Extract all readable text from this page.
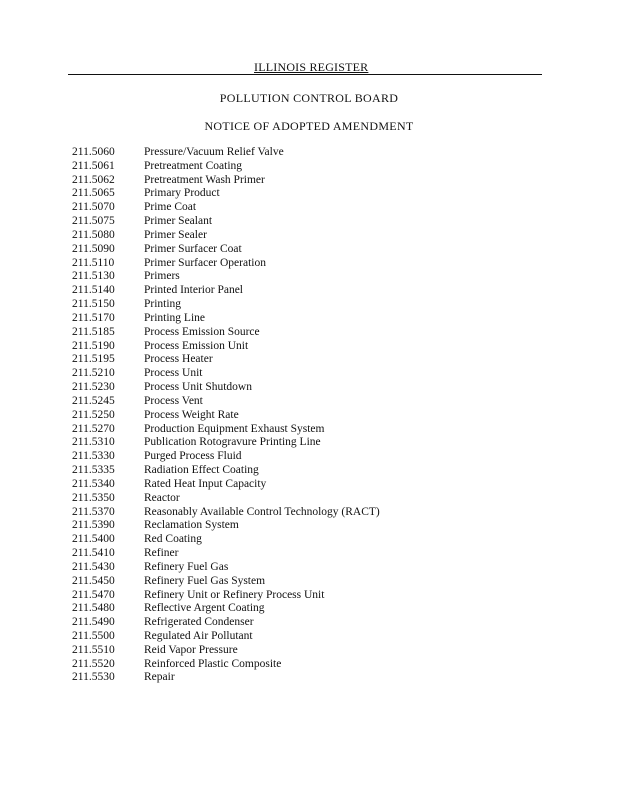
ILLINOIS REGISTER
POLLUTION CONTROL BOARD
NOTICE OF ADOPTED AMENDMENT
211.5060	Pressure/Vacuum Relief Valve
211.5061	Pretreatment Coating
211.5062	Pretreatment Wash Primer
211.5065	Primary Product
211.5070	Prime Coat
211.5075	Primer Sealant
211.5080	Primer Sealer
211.5090	Primer Surfacer Coat
211.5110	Primer Surfacer Operation
211.5130	Primers
211.5140	Printed Interior Panel
211.5150	Printing
211.5170	Printing Line
211.5185	Process Emission Source
211.5190	Process Emission Unit
211.5195	Process Heater
211.5210	Process Unit
211.5230	Process Unit Shutdown
211.5245	Process Vent
211.5250	Process Weight Rate
211.5270	Production Equipment Exhaust System
211.5310	Publication Rotogravure Printing Line
211.5330	Purged Process Fluid
211.5335	Radiation Effect Coating
211.5340	Rated Heat Input Capacity
211.5350	Reactor
211.5370	Reasonably Available Control Technology (RACT)
211.5390	Reclamation System
211.5400	Red Coating
211.5410	Refiner
211.5430	Refinery Fuel Gas
211.5450	Refinery Fuel Gas System
211.5470	Refinery Unit or Refinery Process Unit
211.5480	Reflective Argent Coating
211.5490	Refrigerated Condenser
211.5500	Regulated Air Pollutant
211.5510	Reid Vapor Pressure
211.5520	Reinforced Plastic Composite
211.5530	Repair
